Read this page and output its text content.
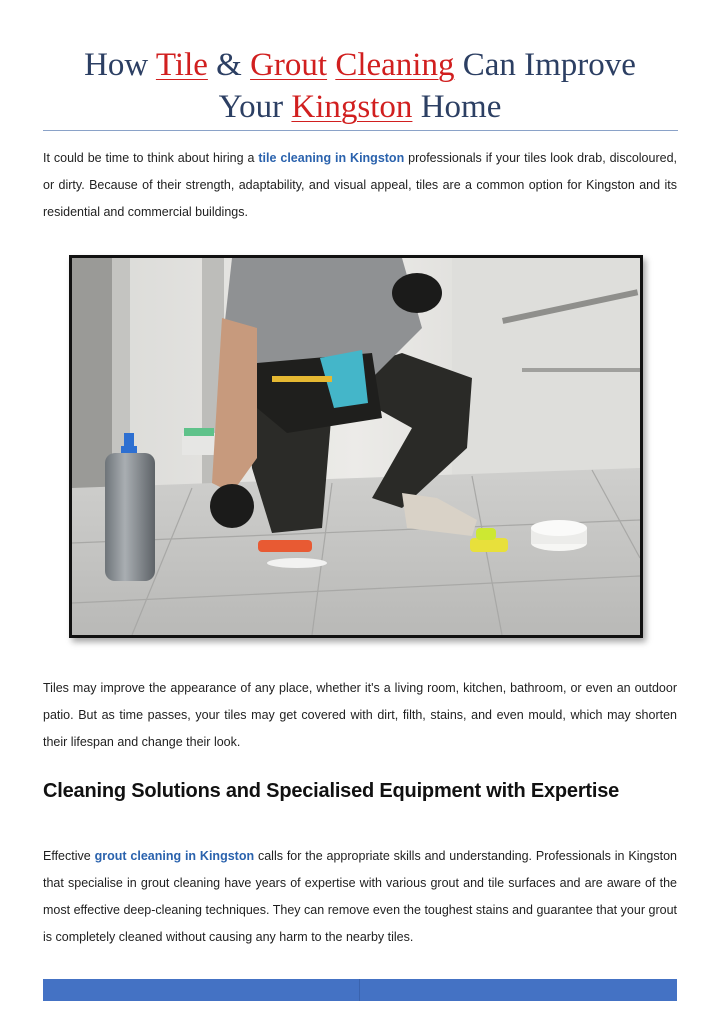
How Tile & Grout Cleaning Can Improve
Your Kingston Home

It could be time to think about hiring a tile cleaning in Kingston professionals if your tiles look drab, discoloured, or dirty. Because of their strength, adaptability, and visual appeal, tiles are a common option for Kingston and its residential and commercial buildings.

Tiles may improve the appearance of any place, whether it's a living room, kitchen, bathroom, or even an outdoor patio. But as time passes, your tiles may get covered with dirt, filth, stains, and even mould, which may shorten their lifespan and change their look.

Cleaning Solutions and Specialised Equipment with Expertise

Effective grout cleaning in Kingston calls for the appropriate skills and understanding. Professionals in Kingston that specialise in grout cleaning have years of expertise with various grout and tile surfaces and are aware of the most effective deep-cleaning techniques. They can remove even the toughest stains and guarantee that your grout is completely cleaned without causing any harm to the nearby tiles.
